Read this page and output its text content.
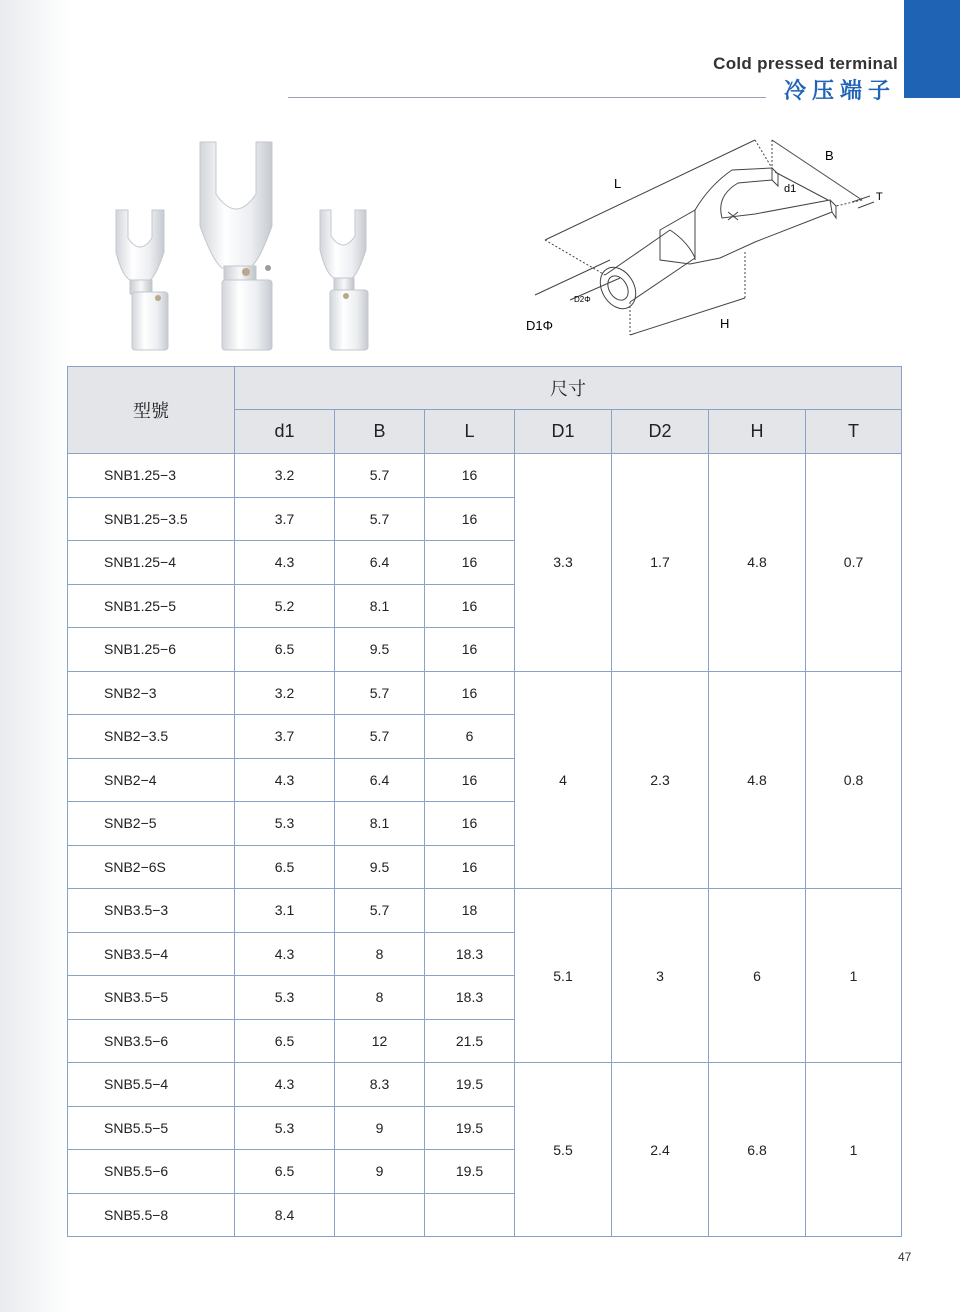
Cold pressed terminal
冷压端子
L
B
d1
T
D2Φ
D1Φ	H
型號	尺寸						
	d1	B	L	D1	D2	H	T
SNB1.25−3	3.2	5.7	16	3.3	1.7	4.8	0.7
SNB1.25−3.5	3.7	5.7	16				
SNB1.25−4	4.3	6.4	16				
SNB1.25−5	5.2	8.1	16				
SNB1.25−6	6.5	9.5	16				
SNB2−3	3.2	5.7	16	4	2.3	4.8	0.8
SNB2−3.5	3.7	5.7	6				
SNB2−4	4.3	6.4	16				
SNB2−5	5.3	8.1	16				
SNB2−6S	6.5	9.5	16				
SNB3.5−3	3.1	5.7	18	5.1	3	6	1
SNB3.5−4	4.3	8	18.3				
SNB3.5−5	5.3	8	18.3				
SNB3.5−6	6.5	12	21.5				
SNB5.5−4	4.3	8.3	19.5	5.5	2.4	6.8	1
SNB5.5−5	5.3	9	19.5				
SNB5.5−6	6.5	9	19.5				
SNB5.5−8	8.4						
47
